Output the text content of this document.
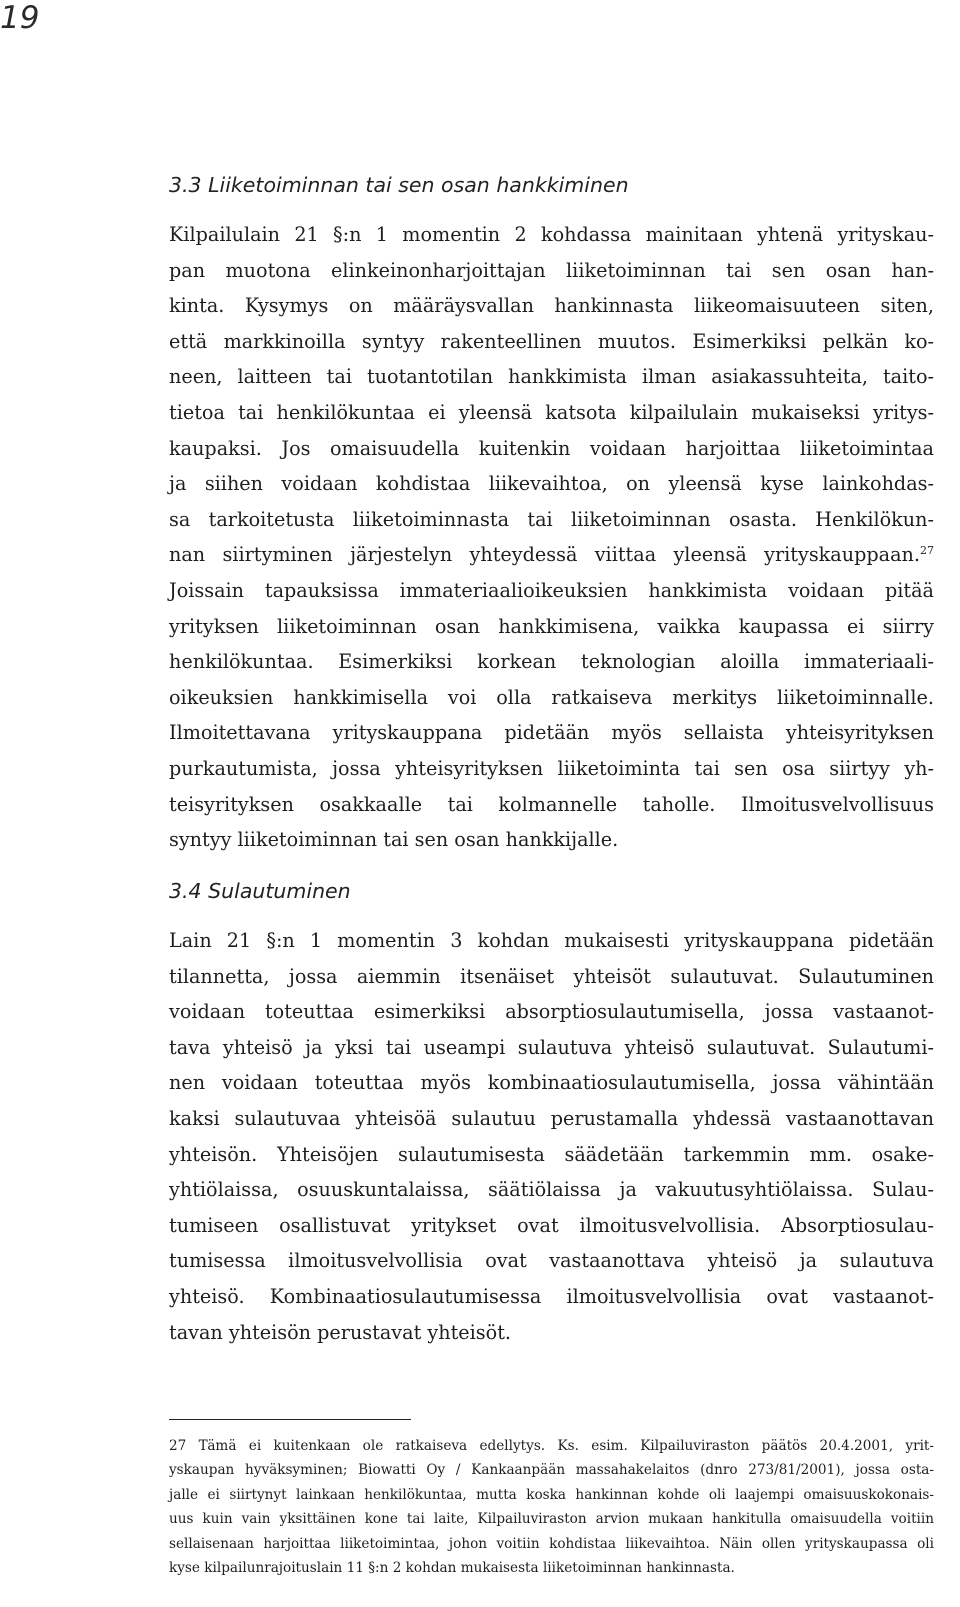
19
3.3 Liiketoiminnan tai sen osan hankkiminen
Kilpailulain 21 §:n 1 momentin 2 kohdassa mainitaan yhtenä yrityskau-
pan muotona elinkeinonharjoittajan liiketoiminnan tai sen osan han-
kinta. Kysymys on määräysvallan hankinnasta liikeomaisuuteen siten,
että markkinoilla syntyy rakenteellinen muutos. Esimerkiksi pelkän ko-
neen, laitteen tai tuotantotilan hankkimista ilman asiakassuhteita, taito-
tietoa tai henkilökuntaa ei yleensä katsota kilpailulain mukaiseksi yritys-
kaupaksi. Jos omaisuudella kuitenkin voidaan harjoittaa liiketoimintaa
ja siihen voidaan kohdistaa liikevaihtoa, on yleensä kyse lainkohdas-
sa tarkoitetusta liiketoiminnasta tai liiketoiminnan osasta. Henkilökun-
nan siirtyminen järjestelyn yhteydessä viittaa yleensä yrityskauppaan.$^{27}$
Joissain tapauksissa immateriaalioikeuksien hankkimista voidaan pitää
yrityksen liiketoiminnan osan hankkimisena, vaikka kaupassa ei siirry
henkilökuntaa. Esimerkiksi korkean teknologian aloilla immateriaali-
oikeuksien hankkimisella voi olla ratkaiseva merkitys liiketoiminnalle.
Ilmoitettavana yrityskauppana pidetään myös sellaista yhteisyrityksen
purkautumista, jossa yhteisyrityksen liiketoiminta tai sen osa siirtyy yh-
teisyrityksen osakkaalle tai kolmannelle taholle. Ilmoitusvelvollisuus
syntyy liiketoiminnan tai sen osan hankkijalle.
3.4 Sulautuminen
Lain 21 §:n 1 momentin 3 kohdan mukaisesti yrityskauppana pidetään
tilannetta, jossa aiemmin itsenäiset yhteisöt sulautuvat. Sulautuminen
voidaan toteuttaa esimerkiksi absorptiosulautumisella, jossa vastaanot-
tava yhteisö ja yksi tai useampi sulautuva yhteisö sulautuvat. Sulautumi-
nen voidaan toteuttaa myös kombinaatiosulautumisella, jossa vähintään
kaksi sulautuvaa yhteisöä sulautuu perustamalla yhdessä vastaanottavan
yhteisön. Yhteisöjen sulautumisesta säädetään tarkemmin mm. osake-
yhtiölaissa, osuuskuntalaissa, säätiölaissa ja vakuutusyhtiölaissa. Sulau-
tumiseen osallistuvat yritykset ovat ilmoitusvelvollisia. Absorptiosulau-
tumisessa ilmoitusvelvollisia ovat vastaanottava yhteisö ja sulautuva
yhteisö. Kombinaatiosulautumisessa ilmoitusvelvollisia ovat vastaanot-
tavan yhteisön perustavat yhteisöt.
27 Tämä ei kuitenkaan ole ratkaiseva edellytys. Ks. esim. Kilpailuviraston päätös 20.4.2001, yrit-
yskaupan hyväksyminen; Biowatti Oy / Kankaanpään massahakelaitos (dnro 273/81/2001), jossa osta-
jalle ei siirtynyt lainkaan henkilökuntaa, mutta koska hankinnan kohde oli laajempi omaisuuskokonais-
uus kuin vain yksittäinen kone tai laite, Kilpailuviraston arvion mukaan hankitulla omaisuudella voitiin
sellaisenaan harjoittaa liiketoimintaa, johon voitiin kohdistaa liikevaihtoa. Näin ollen yrityskaupassa oli
kyse kilpailunrajoituslain 11 §:n 2 kohdan mukaisesta liiketoiminnan hankinnasta.
